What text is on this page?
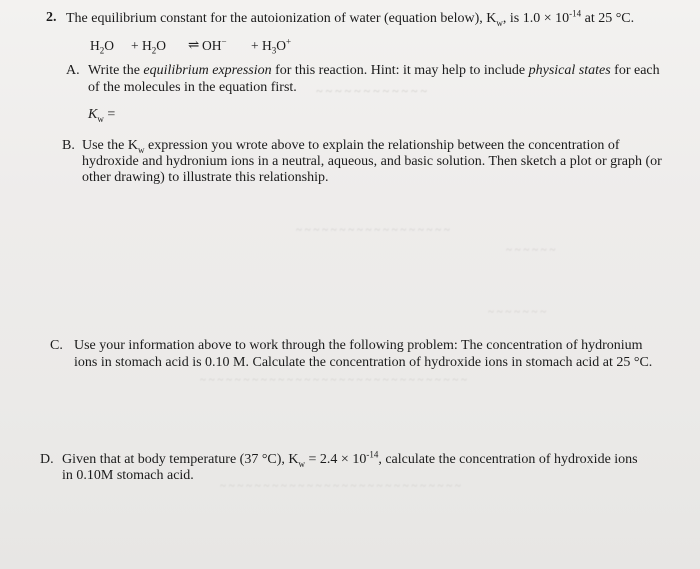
2. The equilibrium constant for the autoionization of water (equation below), $K_w$, is $1.0 \times 10^{-14}$ at 25 °C.
$H_2O + H_2O$ ⇌ $OH^- + H_3O^+$
A. Write the equilibrium expression for this reaction. Hint: it may help to include physical states for each
of the molecules in the equation first. ~ ~ ~ ~ ~ ~ ~ ~ ~ ~ ~ ~
$K_w$ =
B. Use the $K_w$ expression you wrote above to explain the relationship between the concentration of
hydroxide and hydronium ions in a neutral, aqueous, and basic solution. Then sketch a plot or graph (or
other drawing) to illustrate this relationship.
~ ~ ~ ~ ~ ~ ~ ~ ~ ~ ~ ~ ~ ~ ~ ~ ~ ~
~ ~ ~ ~ ~ ~
~ ~ ~ ~ ~ ~ ~
C. Use your information above to work through the following problem: The concentration of hydronium
ions in stomach acid is 0.10 M. Calculate the concentration of hydroxide ions in stomach acid at 25 °C.
~ ~ ~ ~ ~ ~ ~ ~ ~ ~ ~ ~ ~ ~ ~ ~ ~ ~ ~ ~ ~ ~ ~ ~ ~ ~ ~ ~ ~ ~ ~
D. Given that at body temperature (37 °C), $K_w = 2.4 \times 10^{-14}$, calculate the concentration of hydroxide ions
in 0.10M stomach acid.
~ ~ ~ ~ ~ ~ ~ ~ ~ ~ ~ ~ ~ ~ ~ ~ ~ ~ ~ ~ ~ ~ ~ ~ ~ ~ ~ ~
